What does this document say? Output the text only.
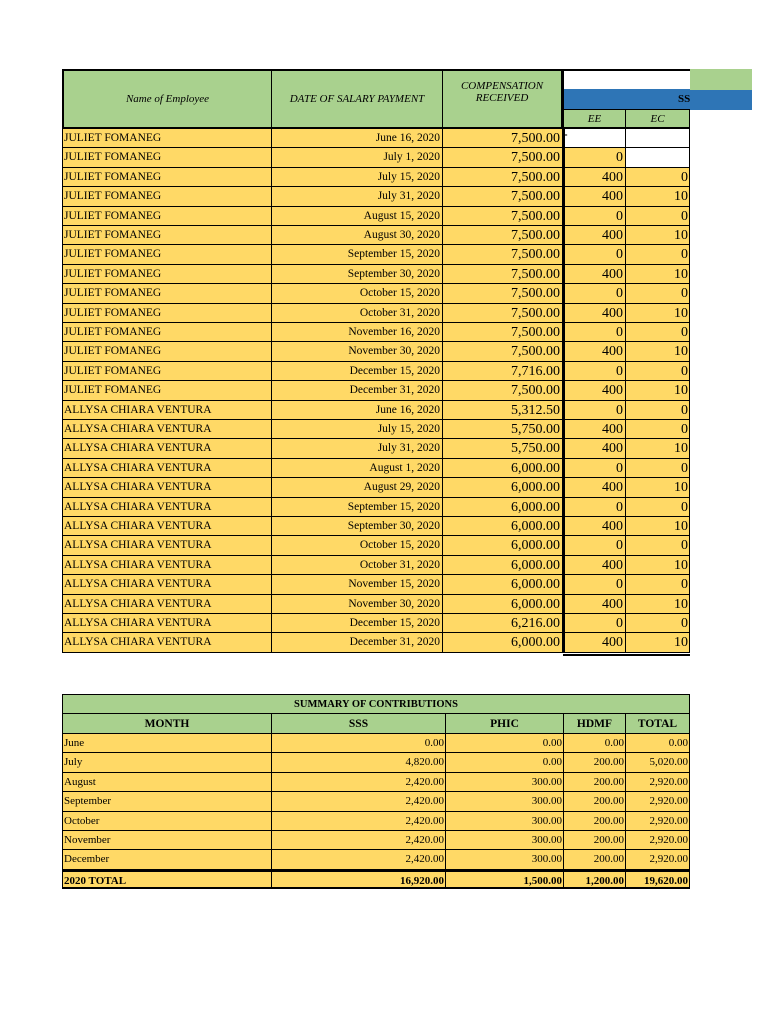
Name of Employee	DATE OF SALARY PAYMENT
COMPENSATION
RECEIVED	SS
EE	EC
JULIET FOMANEG	June 16, 2020	7,500.00 -
JULIET FOMANEG	July 1, 2020	7,500.00	0
JULIET FOMANEG	July 15, 2020	7,500.00	400	0
JULIET FOMANEG	July 31, 2020	7,500.00	400	10
JULIET FOMANEG	August 15, 2020	7,500.00	0	0
JULIET FOMANEG	August 30, 2020	7,500.00	400	10
JULIET FOMANEG	September 15, 2020	7,500.00	0	0
JULIET FOMANEG	September 30, 2020	7,500.00	400	10
JULIET FOMANEG	October 15, 2020	7,500.00	0	0
JULIET FOMANEG	October 31, 2020	7,500.00	400	10
JULIET FOMANEG	November 16, 2020	7,500.00	0	0
JULIET FOMANEG	November 30, 2020	7,500.00	400	10
JULIET FOMANEG	December 15, 2020	7,716.00	0	0
JULIET FOMANEG	December 31, 2020	7,500.00	400	10
ALLYSA CHIARA VENTURA	June 16, 2020	5,312.50	0	0
ALLYSA CHIARA VENTURA	July 15, 2020	5,750.00	400	0
ALLYSA CHIARA VENTURA	July 31, 2020	5,750.00	400	10
ALLYSA CHIARA VENTURA	August 1, 2020	6,000.00	0	0
ALLYSA CHIARA VENTURA	August 29, 2020	6,000.00	400	10
ALLYSA CHIARA VENTURA	September 15, 2020	6,000.00	0	0
ALLYSA CHIARA VENTURA	September 30, 2020	6,000.00	400	10
ALLYSA CHIARA VENTURA	October 15, 2020	6,000.00	0	0
ALLYSA CHIARA VENTURA	October 31, 2020	6,000.00	400	10
ALLYSA CHIARA VENTURA	November 15, 2020	6,000.00	0	0
ALLYSA CHIARA VENTURA	November 30, 2020	6,000.00	400	10
ALLYSA CHIARA VENTURA	December 15, 2020	6,216.00	0	0
ALLYSA CHIARA VENTURA	December 31, 2020	6,000.00	400	10
SUMMARY OF CONTRIBUTIONS
MONTH	SSS	PHIC	HDMF	TOTAL
June	0.00	0.00	0.00	0.00
July	4,820.00	0.00	200.00	5,020.00
August	2,420.00	300.00	200.00	2,920.00
September	2,420.00	300.00	200.00	2,920.00
October	2,420.00	300.00	200.00	2,920.00
November	2,420.00	300.00	200.00	2,920.00
December	2,420.00	300.00	200.00	2,920.00
2020 TOTAL	16,920.00	1,500.00	1,200.00	19,620.00
